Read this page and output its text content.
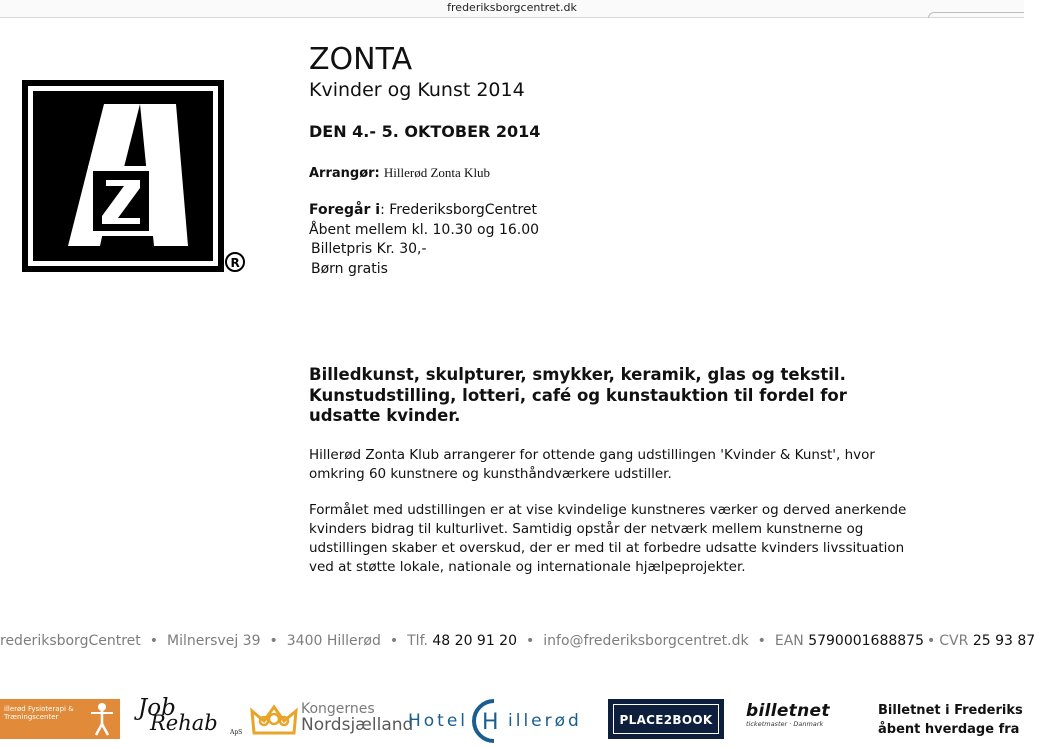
frederiksborgcentret.dk
R
ZONTA
Kvinder og Kunst 2014
DEN 4.- 5. OKTOBER 2014
Arrangør: Hillerød Zonta Klub
Foregår i: FrederiksborgCentret
Åbent mellem kl. 10.30 og 16.00
Billetpris Kr. 30,-
Børn gratis
Billedkunst, skulpturer, smykker, keramik, glas og tekstil. Kunstudstilling, lotteri, café og kunstauktion til fordel for udsatte kvinder.
Hillerød Zonta Klub arrangerer for ottende gang udstillingen 'Kvinder & Kunst', hvor omkring 60 kunstnere og kunsthåndværkere udstiller.
Formålet med udstillingen er at vise kvindelige kunstneres værker og derved anerkende kvinders bidrag til kulturlivet. Samtidig opstår der netværk mellem kunstnerne og udstillingen skaber et overskud, der er med til at forbedre udsatte kvinders livssituation ved at støtte lokale, nationale og internationale hjælpeprojekter.
rederiksborgCentret • Milnersvej 39 • 3400 Hillerød • Tlf. 48 20 91 20 • info@frederiksborgcentret.dk • EAN 5790001688875 • CVR 25 93 87
illerød Fysioterapi & Træningscenter	Job
Rehab ApS
Kongernes
Nordsjælland
Hotel H illerød	PLACE2BOOK	billetnet
ticketmaster · Danmark
Billetnet i Frederiks
åbent hverdage fra
